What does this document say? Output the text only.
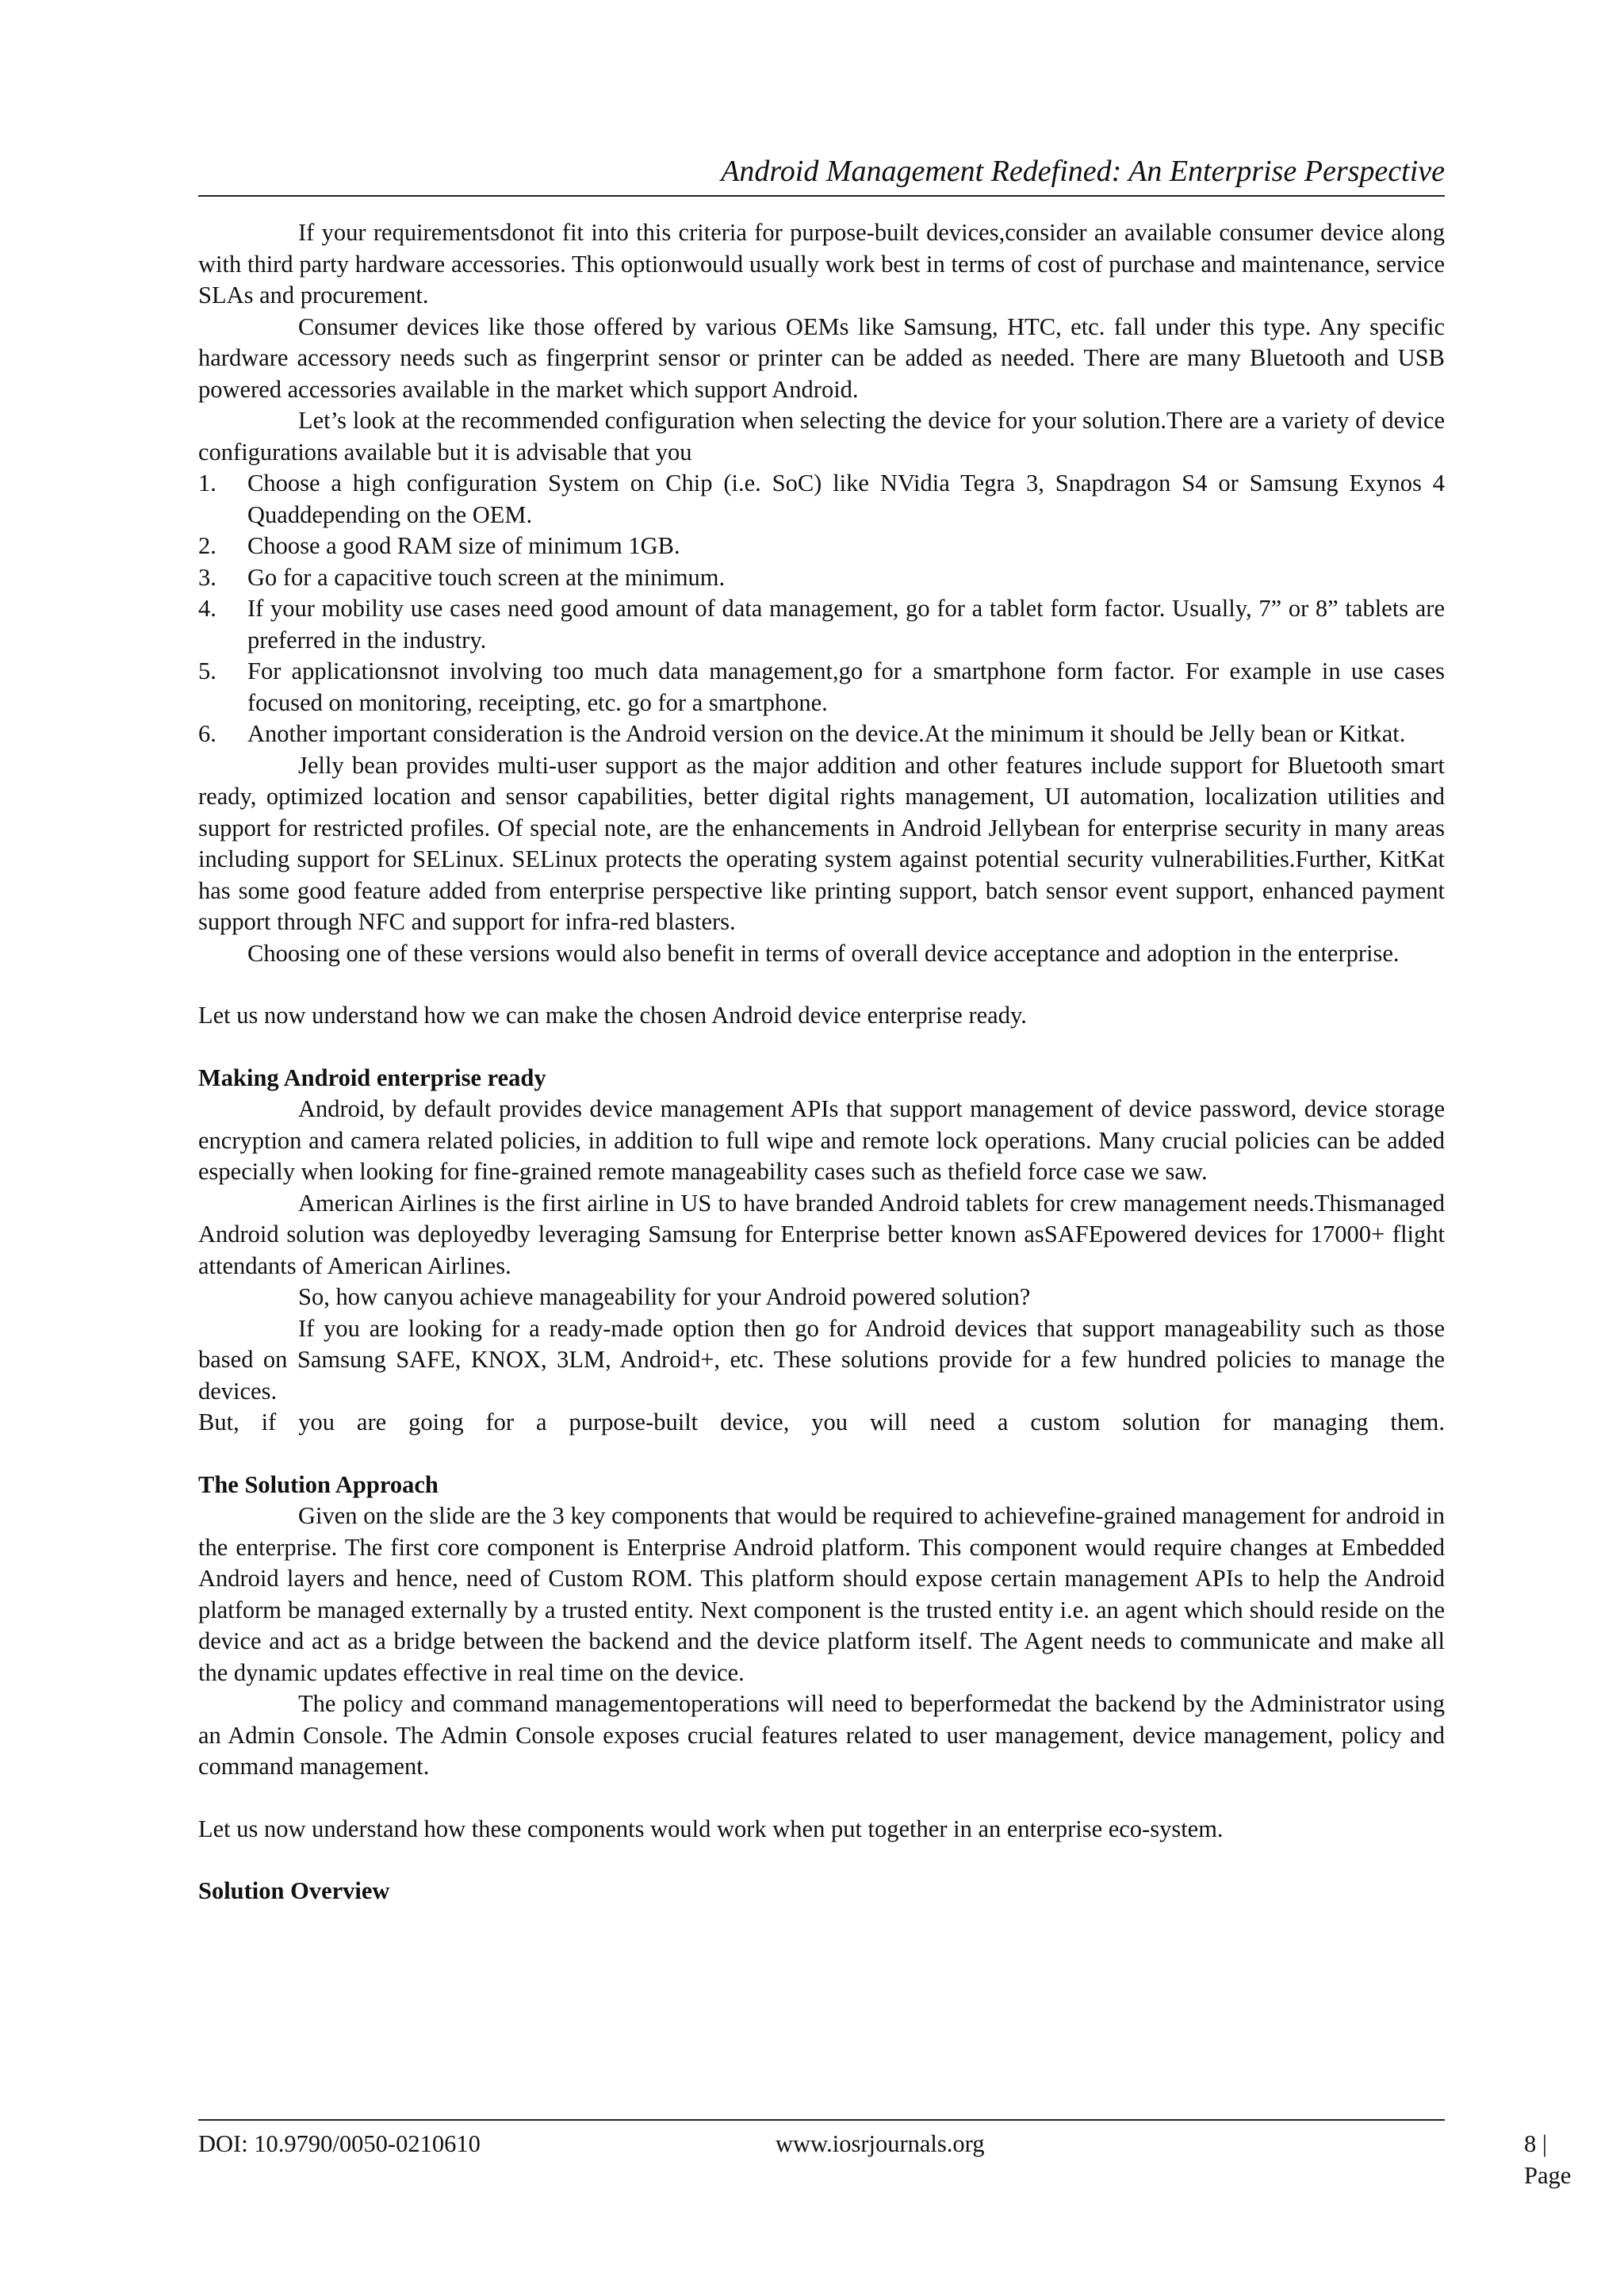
Android Management Redefined: An Enterprise Perspective

If your requirementsdonot fit into this criteria for purpose-built devices,consider an available consumer device along with third party hardware accessories. This optionwould usually work best in terms of cost of purchase and maintenance, service SLAs and procurement.

Consumer devices like those offered by various OEMs like Samsung, HTC, etc. fall under this type. Any specific hardware accessory needs such as fingerprint sensor or printer can be added as needed. There are many Bluetooth and USB powered accessories available in the market which support Android.

Let’s look at the recommended configuration when selecting the device for your solution.There are a variety of device configurations available but it is advisable that you

1. Choose a high configuration System on Chip (i.e. SoC) like NVidia Tegra 3, Snapdragon S4 or Samsung Exynos 4 Quaddepending on the OEM.
2. Choose a good RAM size of minimum 1GB.
3. Go for a capacitive touch screen at the minimum.
4. If your mobility use cases need good amount of data management, go for a tablet form factor. Usually, 7” or 8” tablets are preferred in the industry.
5. For applicationsnot involving too much data management,go for a smartphone form factor. For example in use cases focused on monitoring, receipting, etc. go for a smartphone.
6. Another important consideration is the Android version on the device.At the minimum it should be Jelly bean or Kitkat.

Jelly bean provides multi-user support as the major addition and other features include support for Bluetooth smart ready, optimized location and sensor capabilities, better digital rights management, UI automation, localization utilities and support for restricted profiles. Of special note, are the enhancements in Android Jellybean for enterprise security in many areas including support for SELinux. SELinux protects the operating system against potential security vulnerabilities.Further, KitKat has some good feature added from enterprise perspective like printing support, batch sensor event support, enhanced payment support through NFC and support for infra-red blasters.

Choosing one of these versions would also benefit in terms of overall device acceptance and adoption in the enterprise.

Let us now understand how we can make the chosen Android device enterprise ready.

Making Android enterprise ready

Android, by default provides device management APIs that support management of device password, device storage encryption and camera related policies, in addition to full wipe and remote lock operations. Many crucial policies can be added especially when looking for fine-grained remote manageability cases such as thefield force case we saw.

American Airlines is the first airline in US to have branded Android tablets for crew management needs.Thismanaged Android solution was deployedby leveraging Samsung for Enterprise better known asSAFEpowered devices for 17000+ flight attendants of American Airlines.

So, how canyou achieve manageability for your Android powered solution?

If you are looking for a ready-made option then go for Android devices that support manageability such as those based on Samsung SAFE, KNOX, 3LM, Android+, etc. These solutions provide for a few hundred policies to manage the devices.

But, if you are going for a purpose-built device, you will need a custom solution for managing them.

The Solution Approach

Given on the slide are the 3 key components that would be required to achievefine-grained management for android in the enterprise. The first core component is Enterprise Android platform. This component would require changes at Embedded Android layers and hence, need of Custom ROM. This platform should expose certain management APIs to help the Android platform be managed externally by a trusted entity. Next component is the trusted entity i.e. an agent which should reside on the device and act as a bridge between the backend and the device platform itself. The Agent needs to communicate and make all the dynamic updates effective in real time on the device.

The policy and command managementoperations will need to beperformedat the backend by the Administrator using an Admin Console. The Admin Console exposes crucial features related to user management, device management, policy and command management.

Let us now understand how these components would work when put together in an enterprise eco-system.

Solution Overview
DOI: 10.9790/0050-0210610	www.iosrjournals.org	8 | Page
